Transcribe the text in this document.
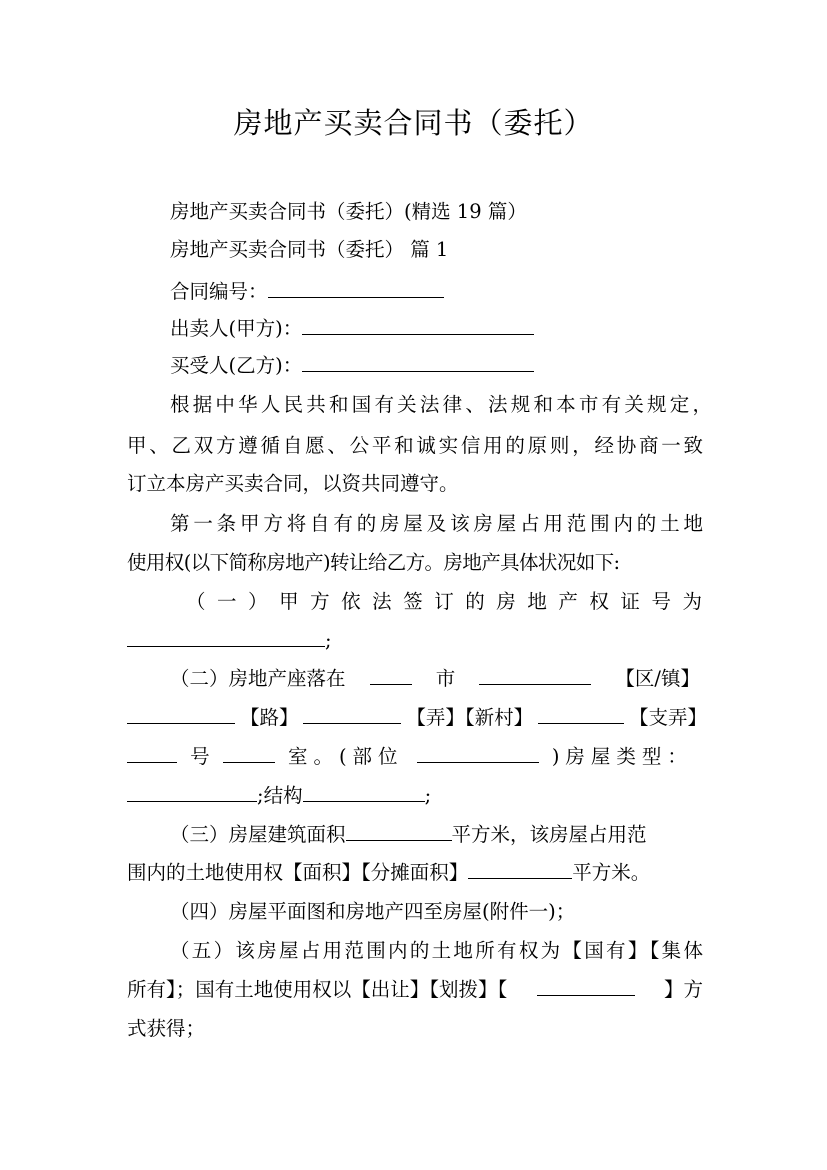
房地产买卖合同书（委托）
房地产买卖合同书（委托）(精选 19 篇）
房地产买卖合同书（委托） 篇 1
合同编号：
出卖人(甲方)：
买受人(乙方)：
根据中华人民共和国有关法律、法规和本市有关规定，
甲、乙双方遵循自愿、公平和诚实信用的原则，经协商一致
订立本房产买卖合同，以资共同遵守。
第一条甲方将自有的房屋及该房屋占用范围内的土地
使用权(以下简称房地产)转让给乙方。房地产具体状况如下:
（一）甲方依法签订的房地产权证号为
;
（二）房地产座落在	市	【区/镇】
【路】	【弄】【新村】	【支弄】
号	室。(部位	)房屋类型：
;结构	;
（三）房屋建筑面积	平方米，该房屋占用范
围内的土地使用权【面积】【分摊面积】	平方米。
（四）房屋平面图和房地产四至房屋(附件一)；
（五）该房屋占用范围内的土地所有权为【国有】【集体
所有】；国有土地使用权以【出让】【划拨】【	】方
式获得；
